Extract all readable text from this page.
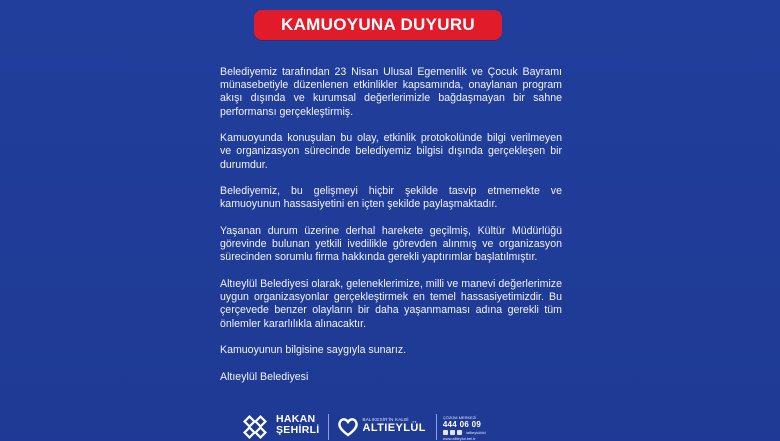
KAMUOYUNA DUYURU

Belediyemiz tarafından 23 Nisan Ulusal Egemenlik ve Çocuk Bayramı münasebetiyle düzenlenen etkinlikler kapsamında, onaylanan program akışı dışında ve kurumsal değerlerimizle bağdaşmayan bir sahne performansı gerçekleştirmiş.

Kamuoyunda konuşulan bu olay, etkinlik protokolünde bilgi verilmeyen ve organizasyon sürecinde belediyemiz bilgisi dışında gerçekleşen bir durumdur.

Belediyemiz, bu gelişmeyi hiçbir şekilde tasvip etmemekte ve kamuoyunun hassasiyetini en içten şekilde paylaşmaktadır.

Yaşanan durum üzerine derhal harekete geçilmiş, Kültür Müdürlüğü görevinde bulunan yetkili ivedilikle görevden alınmış ve organizasyon sürecinden sorumlu firma hakkında gerekli yaptırımlar başlatılmıştır.

Altıeylül Belediyesi olarak, geleneklerimize, milli ve manevi değerlerimize uygun organizasyonlar gerçekleştirmek en temel hassasiyetimizdir. Bu çerçevede benzer olayların bir daha yaşanmaması adına gerekli tüm önlemler kararlılıkla alınacaktır.

Kamuoyunun bilgisine saygıyla sunarız.

Altıeylül Belediyesi

HAKAN
ŞEHİRLİ
BALIKESİR'İN KALBİ
ALTIEYLÜL
ÇÖZÜM MERKEZİ
444 06 09
/altieylulbld
www.altieylul.bel.tr
